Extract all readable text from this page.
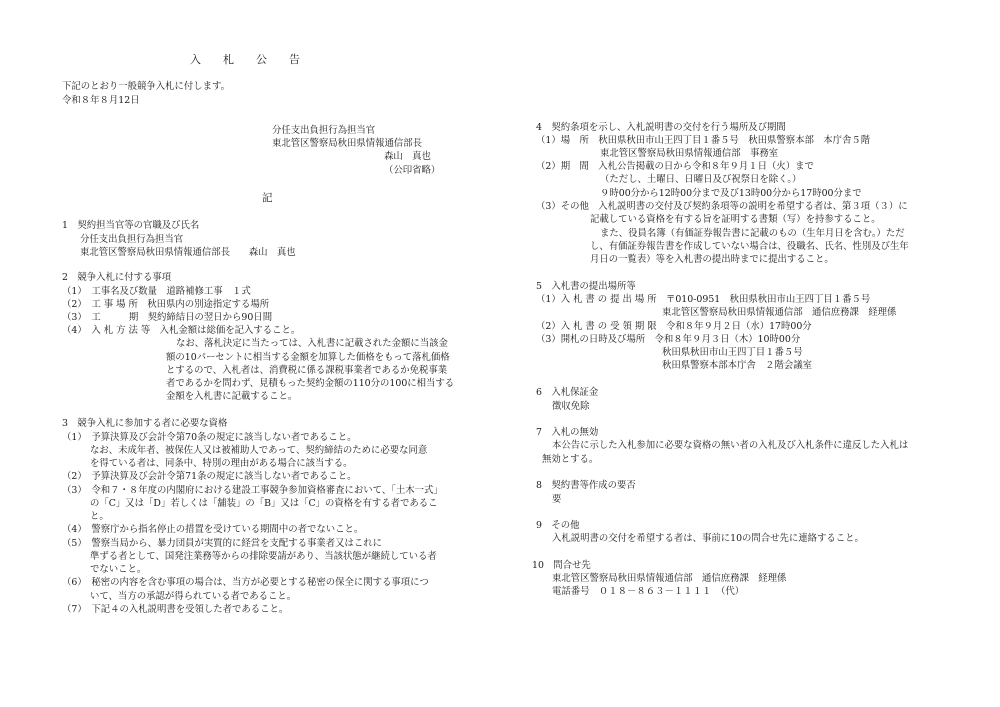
入　　札　　公　　告
下記のとおり一般競争入札に付します。
令和８年８月12日
分任支出負担行為担当官
東北管区警察局秋田県情報通信部長
森山　真也
（公印省略）
記
1　契約担当官等の官職及び氏名
分任支出負担行為担当官
東北管区警察局秋田県情報通信部長　　森山　真也
2　競争入札に付する事項
（1）　工事名及び数量　道路補修工事　１式
（2）　工 事 場 所　秋田県内の別途指定する場所
（3）　工　　　期　契約締結日の翌日から90日間
（4）　入 札 方 法 等　入札金額は総価を記入すること。
なお、落札決定に当たっては、入札書に記載された金額に当該金
額の10パーセントに相当する金額を加算した価格をもって落札価格
とするので、入札者は、消費税に係る課税事業者であるか免税事業
者であるかを問わず、見積もった契約金額の110分の100に相当する
金額を入札書に記載すること。
3　競争入札に参加する者に必要な資格
（1）　予算決算及び会計令第70条の規定に該当しない者であること。
なお、未成年者、被保佐人又は被補助人であって、契約締結のために必要な同意
を得ている者は、同条中、特別の理由がある場合に該当する。
（2）　予算決算及び会計令第71条の規定に該当しない者であること。
（3）　令和７・８年度の内閣府における建設工事競争参加資格審査において、「土木一式」
の「C」又は「D」若しくは「舗装」の「B」又は「C」の資格を有する者であるこ
と。
（4）　警察庁から指名停止の措置を受けている期間中の者でないこと。
（5）　警察当局から、暴力団員が実質的に経営を支配する事業者又はこれに
準ずる者として、国発注業務等からの排除要請があり、当該状態が継続している者
でないこと。
（6）　秘密の内容を含む事項の場合は、当方が必要とする秘密の保全に関する事項につ
いて、当方の承認が得られている者であること。
（7）　下記４の入札説明書を受領した者であること。
4　契約条項を示し、入札説明書の交付を行う場所及び期間
（1）場　所　秋田県秋田市山王四丁目１番５号　秋田県警察本部　本庁舎５階
東北管区警察局秋田県情報通信部　事務室
（2）期　間　入札公告掲載の日から令和８年９月１日（火）まで
（ただし、土曜日、日曜日及び祝祭日を除く。）
９時00分から12時00分まで及び13時00分から17時00分まで
（3）その他　入札説明書の交付及び契約条項等の説明を希望する者は、第３項（３）に
記載している資格を有する旨を証明する書類（写）を持参すること。
また、役員名簿（有価証券報告書に記載のもの（生年月日を含む。）ただ
し、有価証券報告書を作成していない場合は、役職名、氏名、性別及び生年
月日の一覧表）等を入札書の提出時までに提出すること。
5　入札書の提出場所等
（1）入 札 書 の 提 出 場 所　〒010-0951　秋田県秋田市山王四丁目１番５号
東北管区警察局秋田県情報通信部　通信庶務課　経理係
（2）入 札 書 の 受 領 期 限　令和８年９月２日（水）17時00分
（3）開札の日時及び場所　令和８年９月３日（木）10時00分
秋田県秋田市山王四丁目１番５号
秋田県警察本部本庁舎　２階会議室
6　入札保証金
徴収免除
7　入札の無効
本公告に示した入札参加に必要な資格の無い者の入札及び入札条件に違反した入札は
無効とする。
8　契約書等作成の要否
要
9　その他
入札説明書の交付を希望する者は、事前に10の問合せ先に連絡すること。
10　問合せ先
東北管区警察局秋田県情報通信部　通信庶務課　経理係
電話番号　０１８－８６３－１１１１　（代）
